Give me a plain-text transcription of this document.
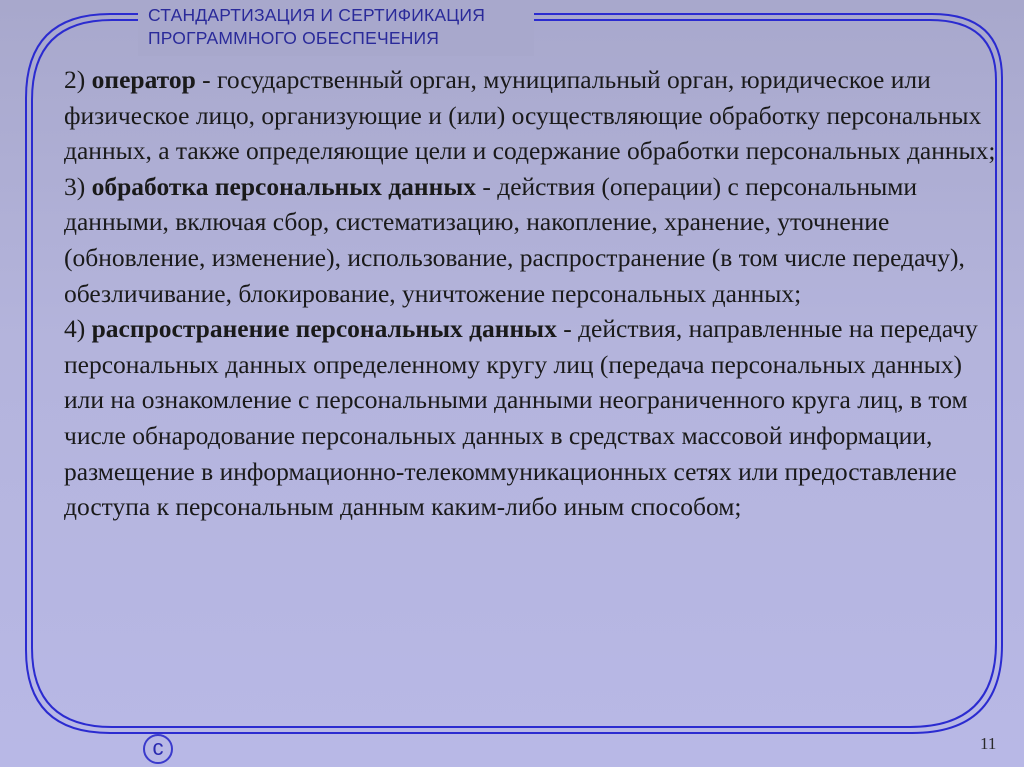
СТАНДАРТИЗАЦИЯ И СЕРТИФИКАЦИЯ
ПРОГРАММНОГО ОБЕСПЕЧЕНИЯ

2) оператор - государственный орган, муниципальный орган, юридическое или физическое лицо, организующие и (или) осуществляющие обработку персональных данных, а также определяющие цели и содержание обработки персональных данных;

3) обработка персональных данных - действия (операции) с персональными данными, включая сбор, систематизацию, накопление, хранение, уточнение (обновление, изменение), использование, распространение (в том числе передачу), обезличивание, блокирование, уничтожение персональных данных;

4) распространение персональных данных - действия, направленные на передачу персональных данных определенному кругу лиц (передача персональных данных) или на ознакомление с персональными данными неограниченного круга лиц, в том числе обнародование персональных данных в средствах массовой информации, размещение в информационно-телекоммуникационных сетях или предоставление доступа к персональным данным каким-либо иным способом;

c	11
